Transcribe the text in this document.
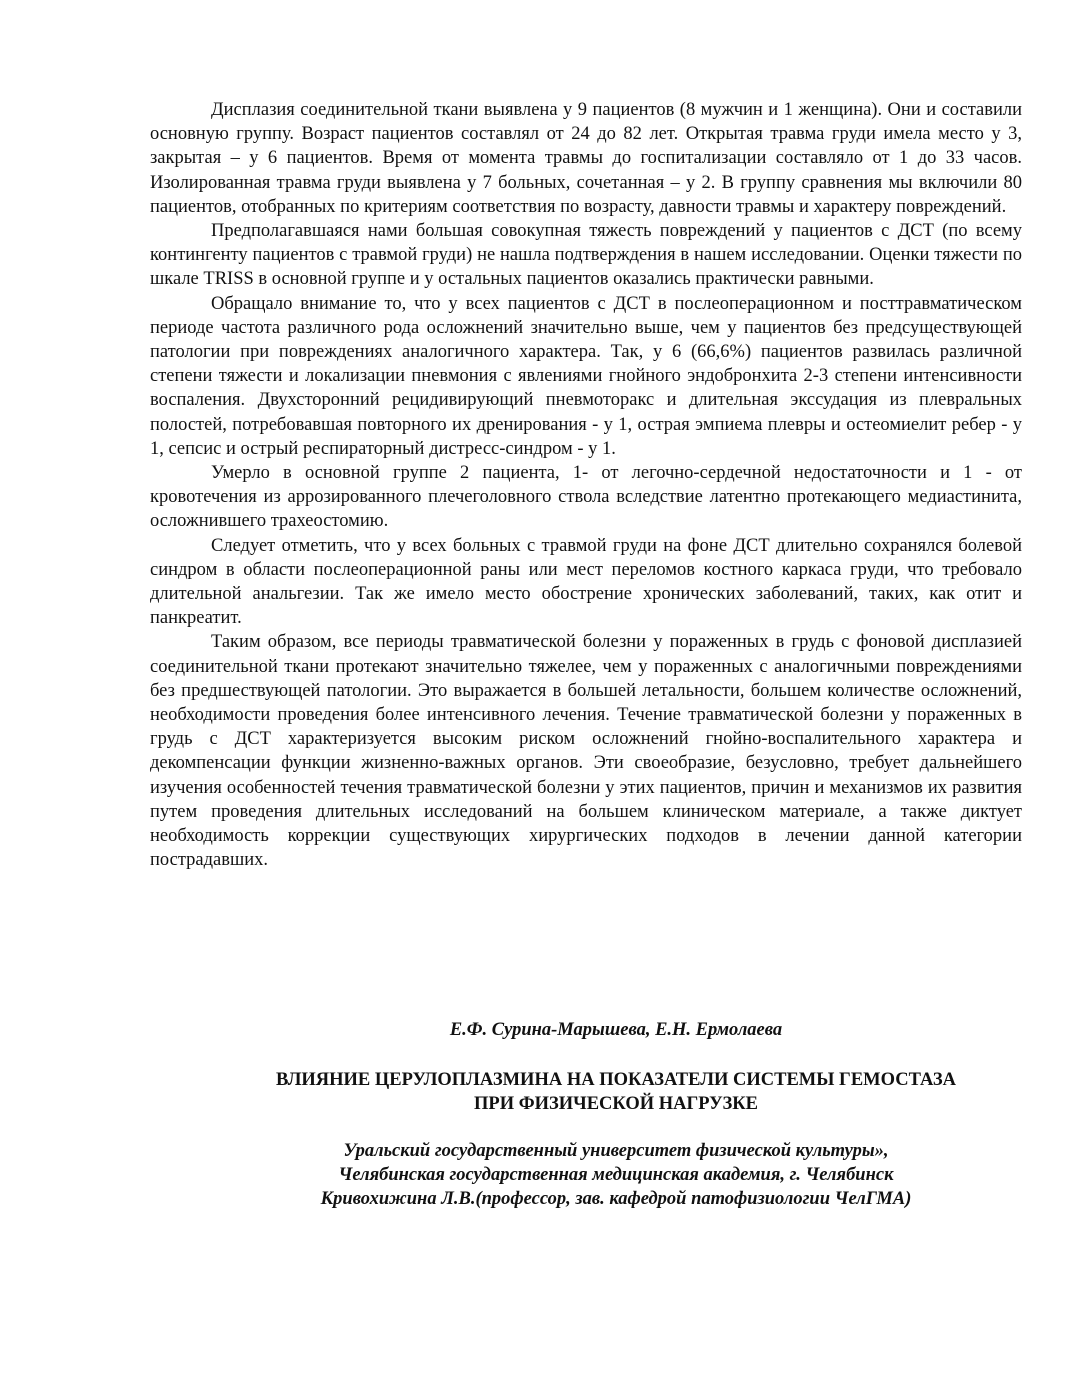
Дисплазия соединительной ткани выявлена у 9 пациентов (8 мужчин и 1 женщина). Они и составили основную группу. Возраст пациентов составлял от 24 до 82 лет. Открытая травма груди имела место у 3, закрытая – у 6 пациентов. Время от момента травмы до госпитализации составляло от 1 до 33 часов. Изолированная травма груди выявлена у 7 больных, сочетанная – у 2. В группу сравнения мы включили 80 пациентов, отобранных по критериям соответствия по возрасту, давности травмы и характеру повреждений.

Предполагавшаяся нами большая совокупная тяжесть повреждений у пациентов с ДСТ (по всему контингенту пациентов с травмой груди) не нашла подтверждения в нашем исследовании. Оценки тяжести по шкале TRISS в основной группе и у остальных пациентов оказались практически равными.

Обращало внимание то, что у всех пациентов с ДСТ в послеоперационном и посттравматическом периоде частота различного рода осложнений значительно выше, чем у пациентов без предсуществующей патологии при повреждениях аналогичного характера. Так, у 6 (66,6%) пациентов развилась различной степени тяжести и локализации пневмония с явлениями гнойного эндобронхита 2-3 степени интенсивности воспаления. Двухсторонний рецидивирующий пневмоторакс и длительная экссудация из плевральных полостей, потребовавшая повторного их дренирования - у 1, острая эмпиема плевры и остеомиелит ребер - у 1, сепсис и острый респираторный дистресс-синдром - у 1.

Умерло в основной группе 2 пациента, 1- от легочно-сердечной недостаточности и 1 - от кровотечения из аррозированного плечеголовного ствола вследствие латентно протекающего медиастинита, осложнившего трахеостомию.

Следует отметить, что у всех больных с травмой груди на фоне ДСТ длительно сохранялся болевой синдром в области послеоперационной раны или мест переломов костного каркаса груди, что требовало длительной анальгезии. Так же имело место обострение хронических заболеваний, таких, как отит и панкреатит.

Таким образом, все периоды травматической болезни у пораженных в грудь с фоновой дисплазией соединительной ткани протекают значительно тяжелее, чем у пораженных с аналогичными повреждениями без предшествующей патологии. Это выражается в большей летальности, большем количестве осложнений, необходимости проведения более интенсивного лечения. Течение травматической болезни у пораженных в грудь с ДСТ характеризуется высоким риском осложнений гнойно-воспалительного характера и декомпенсации функции жизненно-важных органов. Эти своеобразие, безусловно, требует дальнейшего изучения особенностей течения травматической болезни у этих пациентов, причин и механизмов их развития путем проведения длительных исследований на большем клиническом материале, а также диктует необходимость коррекции существующих хирургических подходов в лечении данной категории пострадавших.

Е.Ф. Сурина-Марышева, Е.Н. Ермолаева

ВЛИЯНИЕ ЦЕРУЛОПЛАЗМИНА НА ПОКАЗАТЕЛИ СИСТЕМЫ ГЕМОСТАЗА
ПРИ ФИЗИЧЕСКОЙ НАГРУЗКЕ
Уральский государственный университет физической культуры»,
Челябинская государственная медицинская академия, г. Челябинск
Кривохижина Л.В.(профессор, зав. кафедрой патофизиологии ЧелГМА)
